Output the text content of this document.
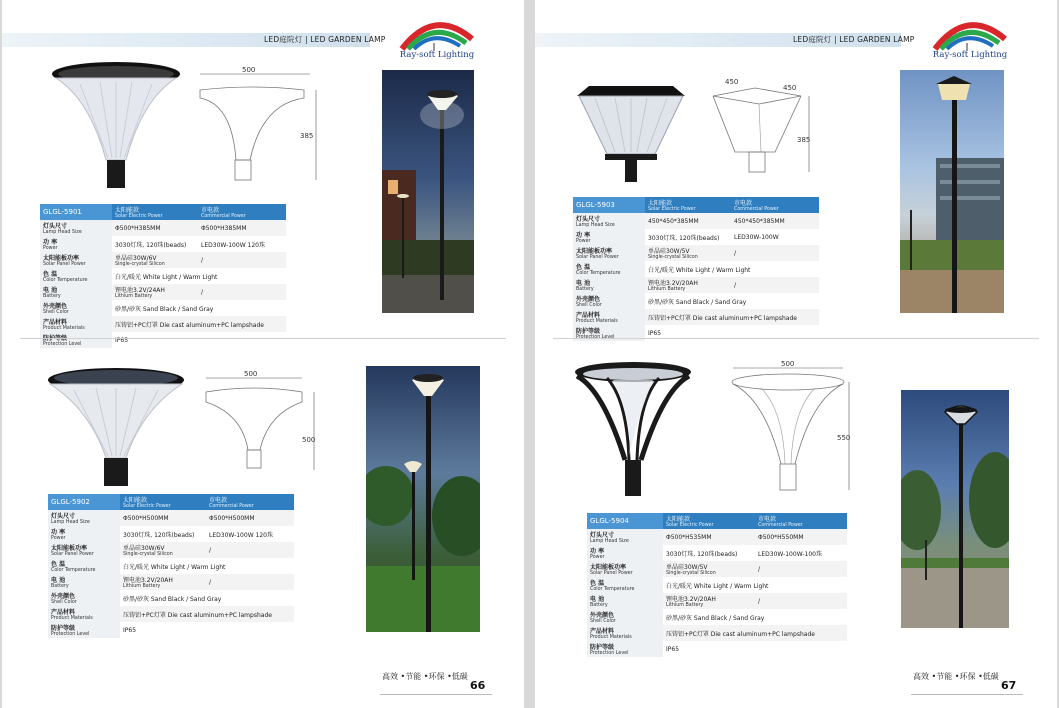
LED庭院灯 | LED GARDEN LAMP
Ray-soft Lighting
500
385
GLGL-5901	太阳能款
Solar Electric Power	市电款
Commercial Power

灯头尺寸
Lamp Head Size	Φ500*H385MM	Φ500*H385MM

功 率
Power	3030灯珠, 120珠(beads)	LED30W-100W 120珠

太阳能板功率
Solar Panel Power	单晶硅30W/6V
Single-crystal Silicon	/

色 温
Color Temperature	白光/暖光 White Light / Warm Light	

电 池
Battery	锂电池3.2V/24AH
Lithium Battery	/

外壳颜色
Shell Color	砂黑/砂灰 Sand Black / Sand Gray	

产品材料
Product Materials	压铸铝+PC灯罩 Die cast aluminum+PC lampshade	

防护等级
Protection Level	IP65	
500
500
GLGL-5902	太阳能款
Solar Electric Power	市电款
Commercial Power

灯头尺寸
Lamp Head Size	Φ500*H500MM	Φ500*H500MM

功 率
Power	3030灯珠, 120珠(beads)	LED30W-100W 120珠

太阳能板功率
Solar Panel Power	单晶硅30W/6V
Single-crystal Silicon	/

色 温
Color Temperature	白光/暖光 White Light / Warm Light	

电 池
Battery	锂电池3.2V/20AH
Lithium Battery	/

外壳颜色
Shell Color	砂黑/砂灰 Sand Black / Sand Gray	

产品材料
Product Materials	压铸铝+PC灯罩 Die cast aluminum+PC lampshade	

防护等级
Protection Level	IP65	
高效 •节能 •环保 •低碳
66
LED庭院灯 | LED GARDEN LAMP
Ray-soft Lighting
450
450
385
GLGL-5903	太阳能款
Solar Electric Power	市电款
Commercial Power

灯头尺寸
Lamp Head Size	450*450*385MM	450*450*385MM

功 率
Power	3030灯珠, 120珠(beads)	LED30W-100W

太阳能板功率
Solar Panel Power	单晶硅30W/5V
Single-crystal Silicon	/

色 温
Color Temperature	白光/暖光 White Light / Warm Light	

电 池
Battery	锂电池3.2V/20AH
Lithium Battery	/

外壳颜色
Shell Color	砂黑/砂灰 Sand Black / Sand Gray	

产品材料
Product Materials	压铸铝+PC灯罩 Die cast aluminum+PC lampshade	

防护等级
Protection Level	IP65	
500
550
GLGL-5904	太阳能款
Solar Electric Power	市电款
Commercial Power

灯头尺寸
Lamp Head Size	Φ500*H535MM	Φ500*H550MM

功 率
Power	3030灯珠, 120珠(beads)	LED30W-100W-100珠

太阳能板功率
Solar Panel Power	单晶硅30W/5V
Single-crystal Silicon	/

色 温
Color Temperature	白光/暖光 White Light / Warm Light	

电 池
Battery	锂电池3.2V/20AH
Lithium Battery	/

外壳颜色
Shell Color	砂黑/砂灰 Sand Black / Sand Gray	

产品材料
Product Materials	压铸铝+PC灯罩 Die cast aluminum+PC lampshade	

防护等级
Protection Level	IP65	
高效 •节能 •环保 •低碳
67
